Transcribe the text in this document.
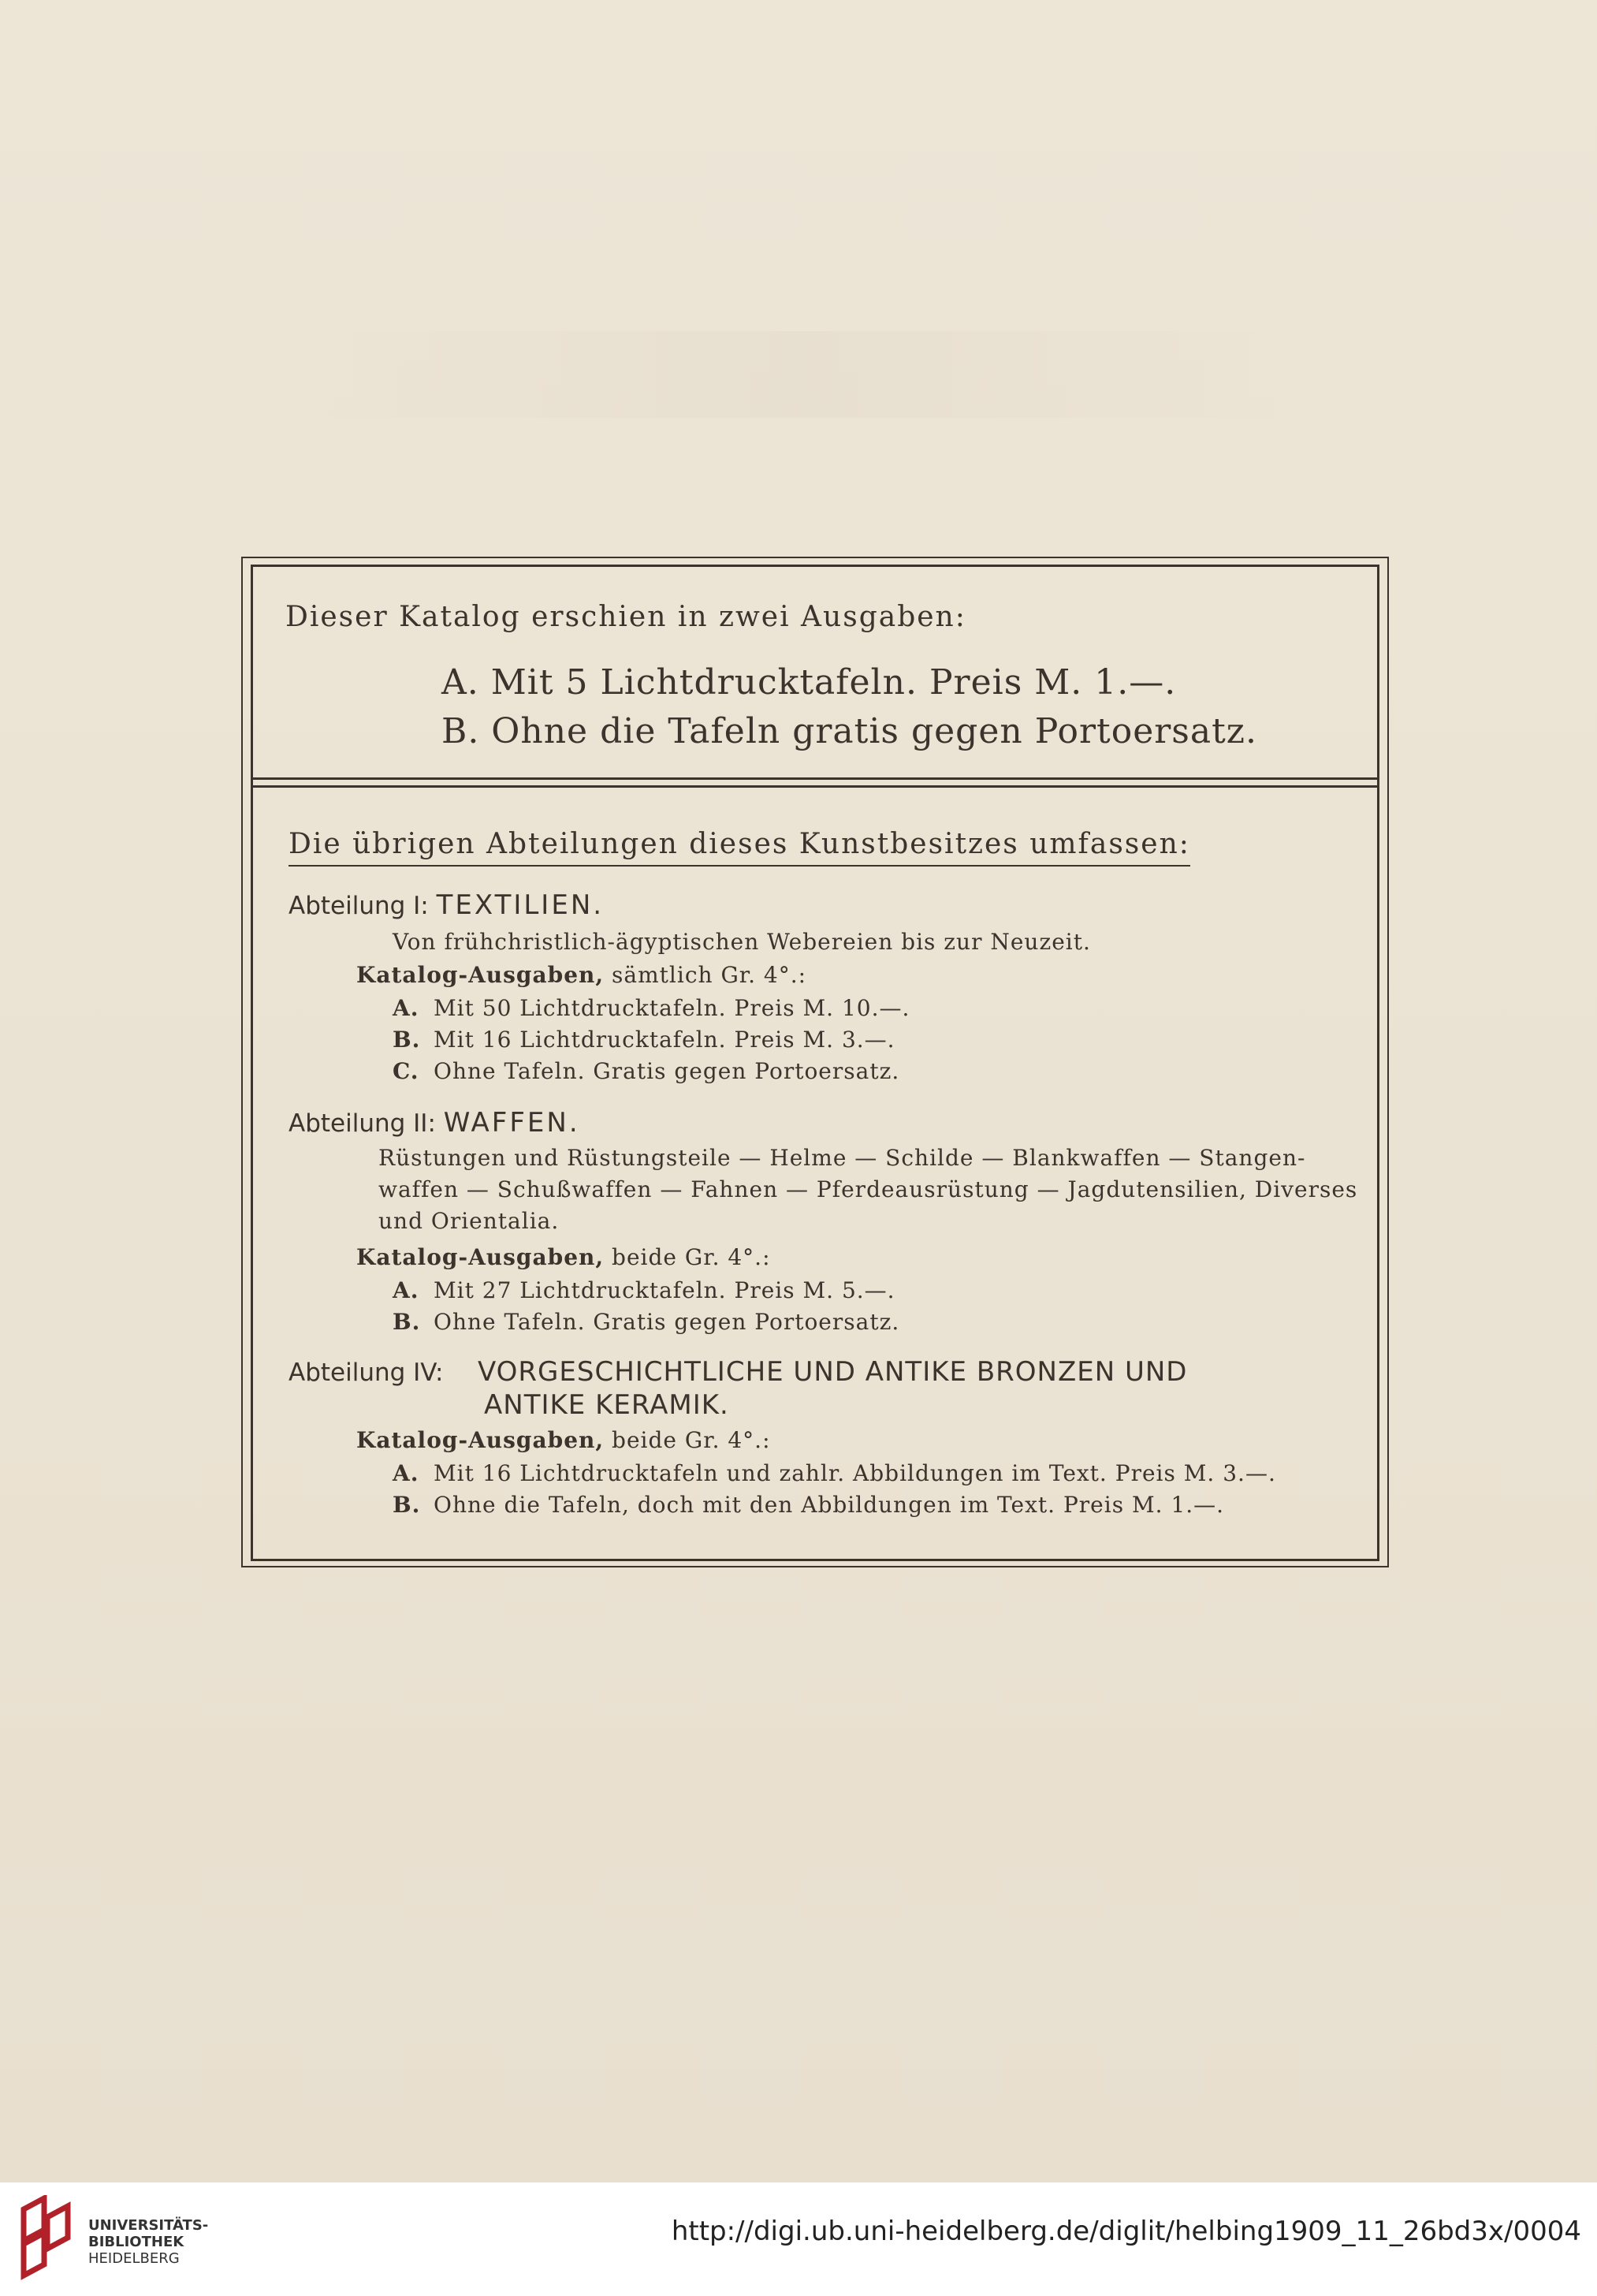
Dieser Katalog erschien in zwei Ausgaben:
A. Mit 5 Lichtdrucktafeln. Preis M. 1.—.
B. Ohne die Tafeln gratis gegen Portoersatz.
Die übrigen Abteilungen dieses Kunstbesitzes umfassen:
Abteilung I: TEXTILIEN.
Von frühchristlich-ägyptischen Webereien bis zur Neuzeit.
Katalog-Ausgaben, sämtlich Gr. 4°.:
A. Mit 50 Lichtdrucktafeln. Preis M. 10.—.
B. Mit 16 Lichtdrucktafeln. Preis M. 3.—.
C. Ohne Tafeln. Gratis gegen Portoersatz.
Abteilung II: WAFFEN.
Rüstungen und Rüstungsteile — Helme — Schilde — Blankwaffen — Stangen-
waffen — Schußwaffen — Fahnen — Pferdeausrüstung — Jagdutensilien, Diverses
und Orientalia.
Katalog-Ausgaben, beide Gr. 4°.:
A. Mit 27 Lichtdrucktafeln. Preis M. 5.—.
B. Ohne Tafeln. Gratis gegen Portoersatz.
Abteilung IV: VORGESCHICHTLICHE UND ANTIKE BRONZEN UND
ANTIKE KERAMIK.
Katalog-Ausgaben, beide Gr. 4°.:
A. Mit 16 Lichtdrucktafeln und zahlr. Abbildungen im Text. Preis M. 3.—.
B. Ohne die Tafeln, doch mit den Abbildungen im Text. Preis M. 1.—.
UNIVERSITÄTS-
BIBLIOTHEK
HEIDELBERG
http://digi.ub.uni-heidelberg.de/diglit/helbing1909_11_26bd3x/0004
